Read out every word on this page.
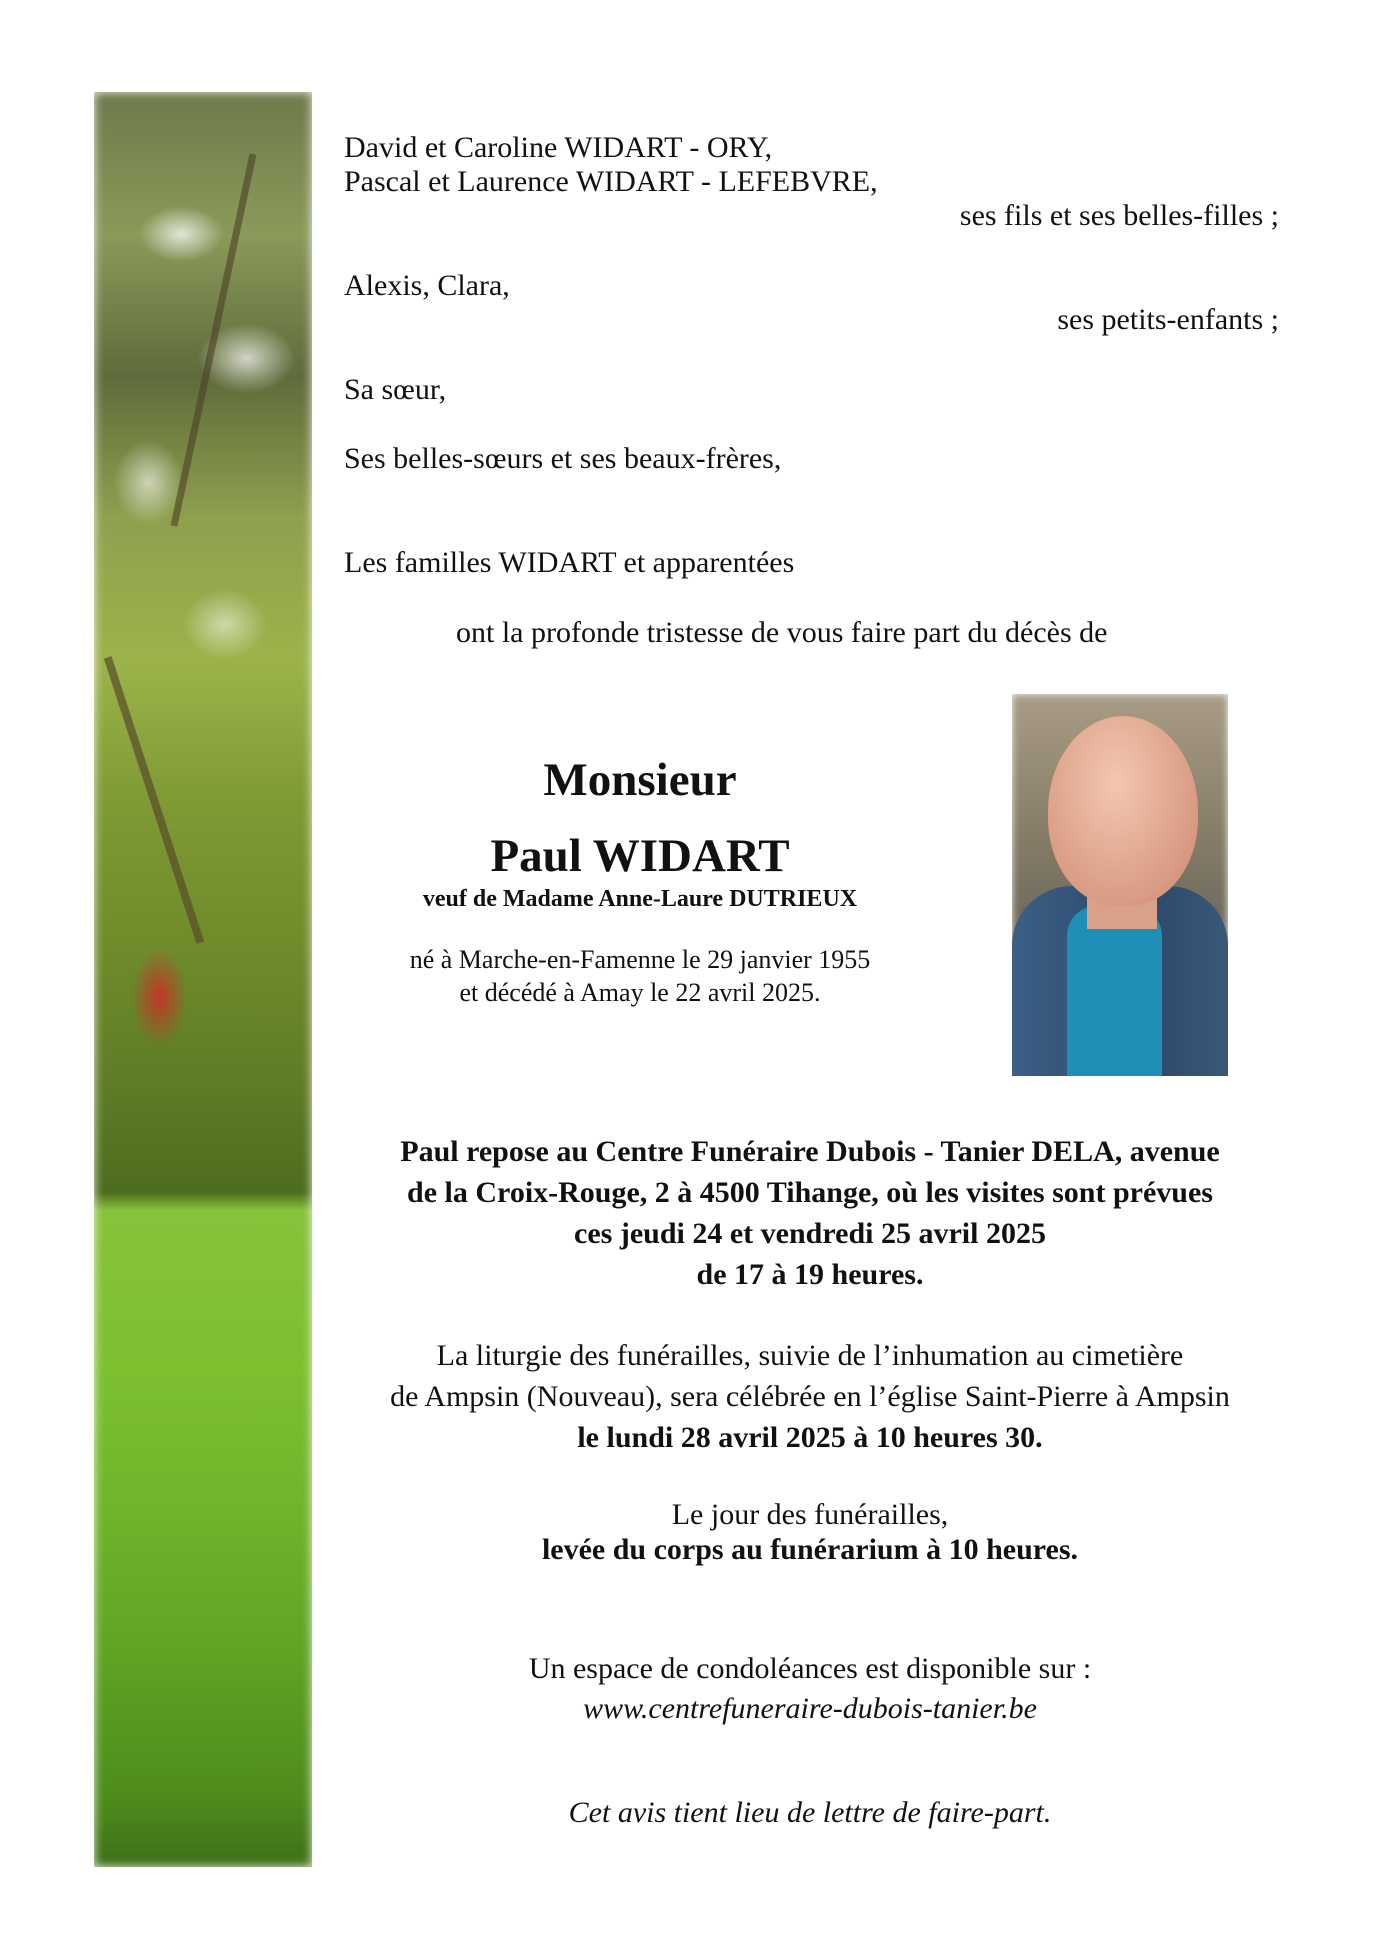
David et Caroline WIDART - ORY,
Pascal et Laurence WIDART - LEFEBVRE,
ses fils et ses belles-filles ;
Alexis, Clara,
ses petits-enfants ;
Sa sœur,
Ses belles-sœurs et ses beaux-frères,
Les familles WIDART et apparentées
ont la profonde tristesse de vous faire part du décès de
Monsieur
Paul WIDART
veuf de Madame Anne-Laure DUTRIEUX
né à Marche-en-Famenne le 29 janvier 1955
et décédé à Amay le 22 avril 2025.
Paul repose au Centre Funéraire Dubois - Tanier DELA, avenue
de la Croix-Rouge, 2 à 4500 Tihange, où les visites sont prévues
ces jeudi 24 et vendredi 25 avril 2025
de 17 à 19 heures.
La liturgie des funérailles, suivie de l’inhumation au cimetière
de Ampsin (Nouveau), sera célébrée en l’église Saint-Pierre à Ampsin
le lundi 28 avril 2025 à 10 heures 30.
Le jour des funérailles,
levée du corps au funérarium à 10 heures.
Un espace de condoléances est disponible sur :
www.centrefuneraire-dubois-tanier.be
Cet avis tient lieu de lettre de faire-part.
